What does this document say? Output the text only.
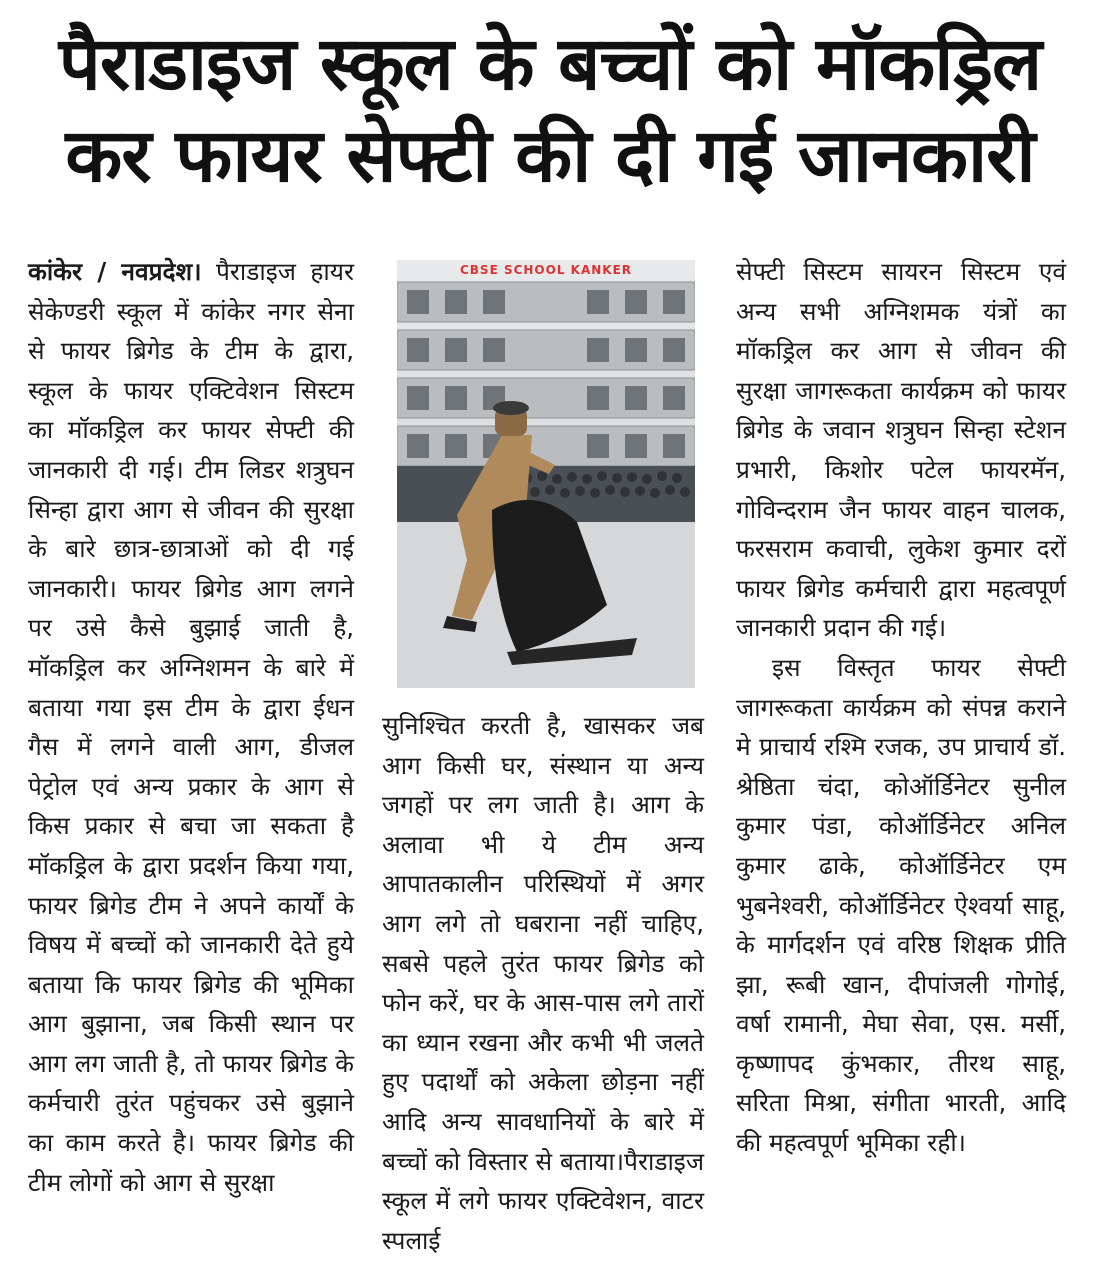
पैराडाइज स्कूल के बच्चों को मॉकड्रिल
कर फायर सेफ्टी की दी गई जानकारी

कांकेर / नवप्रदेश। पैराडाइज हायर सेकेण्डरी स्कूल में कांकेर नगर सेना से फायर ब्रिगेड के टीम के द्वारा, स्कूल के फायर एक्टिवेशन सिस्टम का मॉकड्रिल कर फायर सेफ्टी की जानकारी दी गई। टीम लिडर शत्रुघन सिन्हा द्वारा आग से जीवन की सुरक्षा के बारे छात्र-छात्राओं को दी गई जानकारी। फायर ब्रिगेड आग लगने पर उसे कैसे बुझाई जाती है, मॉकड्रिल कर अग्निशमन के बारे में बताया गया इस टीम के द्वारा ईधन गैस में लगने वाली आग, डीजल पेट्रोल एवं अन्य प्रकार के आग से किस प्रकार से बचा जा सकता है मॉकड्रिल के द्वारा प्रदर्शन किया गया, फायर ब्रिगेड टीम ने अपने कार्यों के विषय में बच्चों को जानकारी देते हुये बताया कि फायर ब्रिगेड की भूमिका आग बुझाना, जब किसी स्थान पर आग लग जाती है, तो फायर ब्रिगेड के कर्मचारी तुरंत पहुंचकर उसे बुझाने का काम करते है। फायर ब्रिगेड की टीम लोगों को आग से सुरक्षा

CBSE SCHOOL KANKER

सुनिश्चित करती है, खासकर जब आग किसी घर, संस्थान या अन्य जगहों पर लग जाती है। आग के अलावा भी ये टीम अन्य आपातकालीन परिस्थियों में अगर आग लगे तो घबराना नहीं चाहिए, सबसे पहले तुरंत फायर ब्रिगेड को फोन करें, घर के आस-पास लगे तारों का ध्यान रखना और कभी भी जलते हुए पदार्थों को अकेला छोड़ना नहीं आदि अन्य सावधानियों के बारे में बच्चों को विस्तार से बताया।पैराडाइज स्कूल में लगे फायर एक्टिवेशन, वाटर स्पलाई

सेफ्टी सिस्टम सायरन सिस्टम एवं अन्य सभी अग्निशमक यंत्रों का मॉकड्रिल कर आग से जीवन की सुरक्षा जागरूकता कार्यक्रम को फायर ब्रिगेड के जवान शत्रुघन सिन्हा स्टेशन प्रभारी, किशोर पटेल फायरमॅन, गोविन्दराम जैन फायर वाहन चालक, फरसराम कवाची, लुकेश कुमार दरों फायर ब्रिगेड कर्मचारी द्वारा महत्वपूर्ण जानकारी प्रदान की गई।

इस विस्तृत फायर सेफ्टी जागरूकता कार्यक्रम को संपन्न कराने मे प्राचार्य रश्मि रजक, उप प्राचार्य डॉ. श्रेष्ठिता चंदा, कोऑर्डिनेटर सुनील कुमार पंडा, कोऑर्डिनेटर अनिल कुमार ढाके, कोऑर्डिनेटर एम भुबनेश्वरी, कोऑर्डिनेटर ऐश्वर्या साहू, के मार्गदर्शन एवं वरिष्ठ शिक्षक प्रीति झा, रूबी खान, दीपांजली गोगोई, वर्षा रामानी, मेघा सेवा, एस. मर्सी, कृष्णापद कुंभकार, तीरथ साहू, सरिता मिश्रा, संगीता भारती, आदि की महत्वपूर्ण भूमिका रही।
